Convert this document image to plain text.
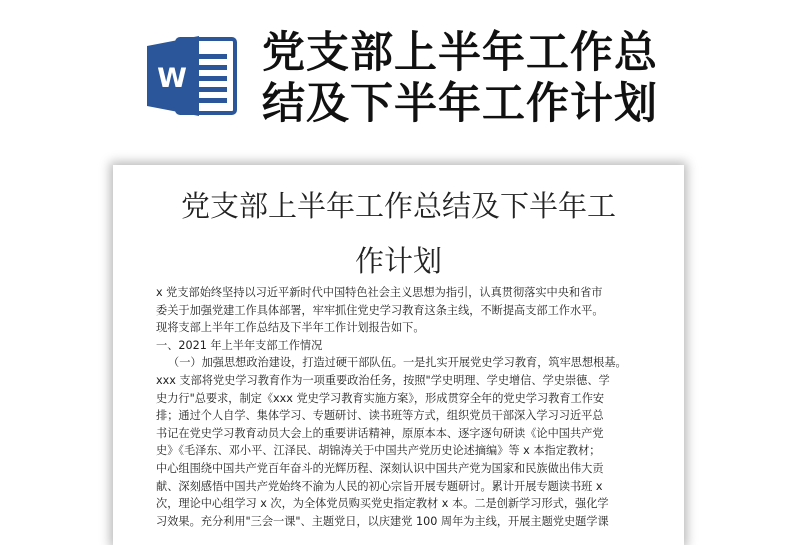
W
党支部上半年工作总
结及下半年工作计划
党支部上半年工作总结及下半年工
作计划
x 党支部始终坚持以习近平新时代中国特色社会主义思想为指引，认真贯彻落实中央和省市
委关于加强党建工作具体部署，牢牢抓住党史学习教育这条主线，不断提高支部工作水平。
现将支部上半年工作总结及下半年工作计划报告如下。
一、2021 年上半年支部工作情况
（一）加强思想政治建设，打造过硬干部队伍。一是扎实开展党史学习教育，筑牢思想根基。
xxx 支部将党史学习教育作为一项重要政治任务，按照"学史明理、学史增信、学史崇德、学
史力行"总要求，制定《xxx 党史学习教育实施方案》，形成贯穿全年的党史学习教育工作安
排；通过个人自学、集体学习、专题研讨、读书班等方式，组织党员干部深入学习习近平总
书记在党史学习教育动员大会上的重要讲话精神，原原本本、逐字逐句研读《论中国共产党
史》《毛泽东、邓小平、江泽民、胡锦涛关于中国共产党历史论述摘编》等 x 本指定教材；
中心组围绕中国共产党百年奋斗的光辉历程、深刻认识中国共产党为国家和民族做出伟大贡
献、深刻感悟中国共产党始终不渝为人民的初心宗旨开展专题研讨。累计开展专题读书班 x
次，理论中心组学习 x 次，为全体党员购买党史指定教材 x 本。二是创新学习形式，强化学
习效果。充分利用"三会一课"、主题党日，以庆建党 100 周年为主线，开展主题党史题学课
